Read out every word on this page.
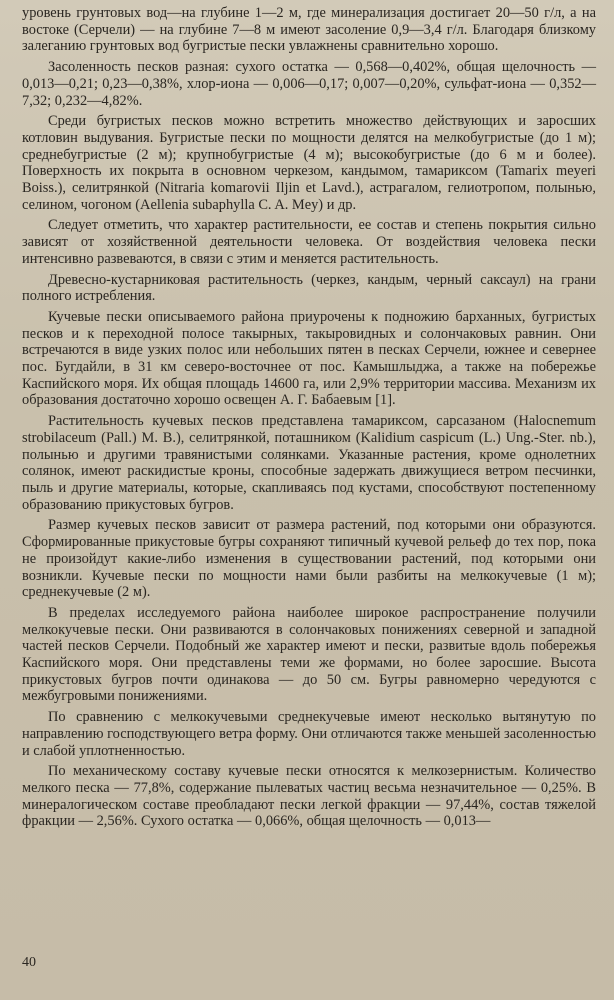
уровень грунтовых вод—на глубине 1—2 м, где минерализация достигает 20—50 г/л, а на востоке (Серчели) — на глубине 7—8 м имеют засоление 0,9—3,4 г/л. Благодаря близкому залеганию грунтовых вод бугристые пески увлажнены сравнительно хорошо.

Засоленность песков разная: сухого остатка — 0,568—0,402%, общая щелочность — 0,013—0,21; 0,23—0,38%, хлор-иона — 0,006—0,17; 0,007—0,20%, сульфат-иона — 0,352—7,32; 0,232—4,82%.

Среди бугристых песков можно встретить множество действующих и заросших котловин выдувания. Бугристые пески по мощности делятся на мелкобугристые (до 1 м); среднебугристые (2 м); крупнобугристые (4 м); высокобугристые (до 6 м и более). Поверхность их покрыта в основном черкезом, кандымом, тамариксом (Tamarix meyeri Boiss.), селитрянкой (Nitraria komarovii Iljin et Lavd.), астрагалом, гелиотропом, полынью, селином, чогоном (Aellenia subaphylla C. A. Mey) и др.

Следует отметить, что характер растительности, ее состав и степень покрытия сильно зависят от хозяйственной деятельности человека. От воздействия человека пески интенсивно развеваются, в связи с этим и меняется растительность.

Древесно-кустарниковая растительность (черкез, кандым, черный саксаул) на грани полного истребления.

Кучевые пески описываемого района приурочены к подножию барханных, бугристых песков и к переходной полосе такырных, такыровидных и солончаковых равнин. Они встречаются в виде узких полос или небольших пятен в песках Серчели, южнее и севернее пос. Бугдайли, в 31 км северо-восточнее от пос. Камышлыджа, а также на побережье Каспийского моря. Их общая площадь 14600 га, или 2,9% территории массива. Механизм их образования достаточно хорошо освещен А. Г. Бабаевым [1].

Растительность кучевых песков представлена тамариксом, сарсазаном (Halocnemum strobilaceum (Pall.) M. B.), селитрянкой, поташником (Kalidium caspicum (L.) Ung.-Ster. nb.), полынью и другими травянистыми солянками. Указанные растения, кроме однолетних солянок, имеют раскидистые кроны, способные задержать движущиеся ветром песчинки, пыль и другие материалы, которые, скапливаясь под кустами, способствуют постепенному образованию прикустовых бугров.

Размер кучевых песков зависит от размера растений, под которыми они образуются. Сформированные прикустовые бугры сохраняют типичный кучевой рельеф до тех пор, пока не произойдут какие-либо изменения в существовании растений, под которыми они возникли. Кучевые пески по мощности нами были разбиты на мелкокучевые (1 м); среднекучевые (2 м).

В пределах исследуемого района наиболее широкое распространение получили мелкокучевые пески. Они развиваются в солончаковых понижениях северной и западной частей песков Серчели. Подобный же характер имеют и пески, развитые вдоль побережья Каспийского моря. Они представлены теми же формами, но более заросшие. Высота прикустовых бугров почти одинакова — до 50 см. Бугры равномерно чередуются с межбугровыми понижениями.

По сравнению с мелкокучевыми среднекучевые имеют несколько вытянутую по направлению господствующего ветра форму. Они отличаются также меньшей засоленностью и слабой уплотненностью.

По механическому составу кучевые пески относятся к мелкозернистым. Количество мелкого песка — 77,8%, содержание пылеватых частиц весьма незначительное — 0,25%. В минералогическом составе преобладают пески легкой фракции — 97,44%, состав тяжелой фракции — 2,56%. Сухого остатка — 0,066%, общая щелочность — 0,013—

40
